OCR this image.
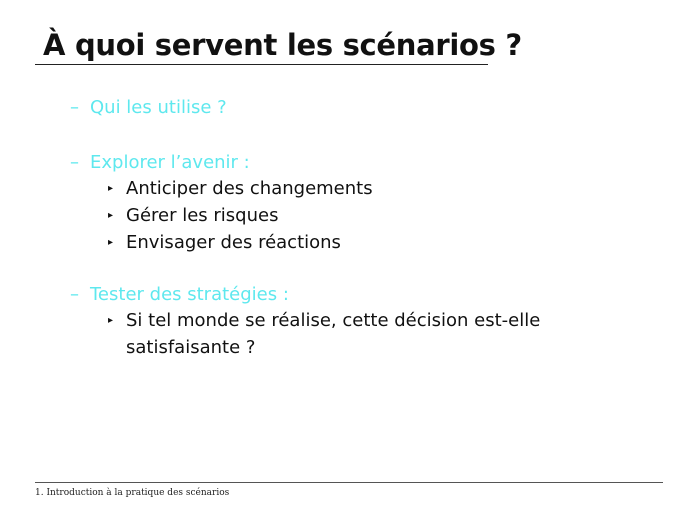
À quoi servent les scénarios ?
– Qui les utilise ?
– Explorer l’avenir :
▸ Anticiper des changements
▸ Gérer les risques
▸ Envisager des réactions
– Tester des stratégies :
▸ Si tel monde se réalise, cette décision est-elle satisfaisante ?
1. Introduction à la pratique des scénarios
